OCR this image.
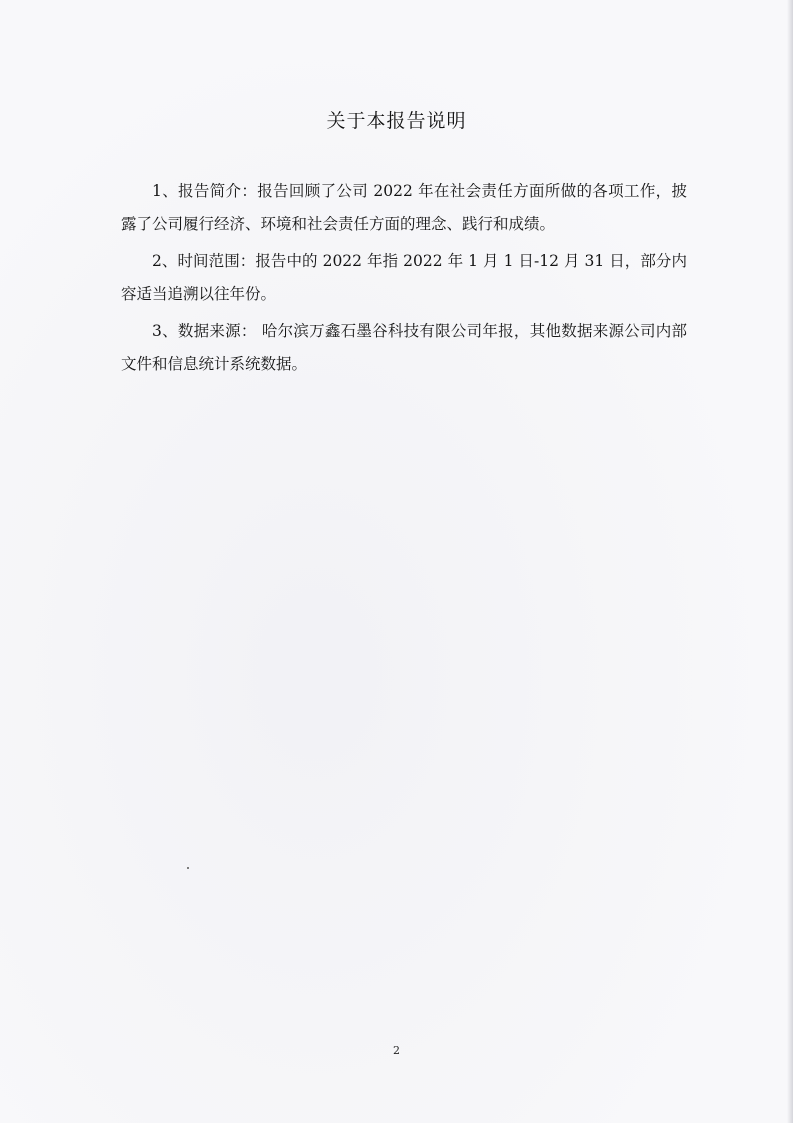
关于本报告说明

1、报告简介：报告回顾了公司 2022 年在社会责任方面所做的各项工作，披露了公司履行经济、环境和社会责任方面的理念、践行和成绩。

2、时间范围：报告中的 2022 年指 2022 年 1 月 1 日-12 月 31 日，部分内容适当追溯以往年份。

3、数据来源： 哈尔滨万鑫石墨谷科技有限公司年报，其他数据来源公司内部文件和信息统计系统数据。

2
